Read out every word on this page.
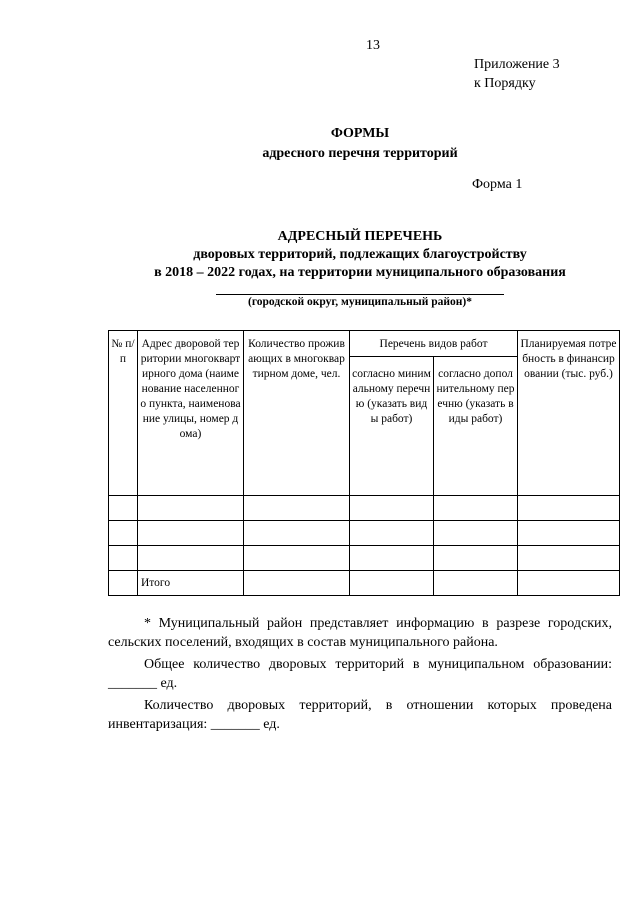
13
Приложение 3
к Порядку
ФОРМЫ
адресного перечня территорий
Форма 1
АДРЕСНЫЙ ПЕРЕЧЕНЬ
дворовых территорий, подлежащих благоустройству
в 2018 – 2022 годах, на территории муниципального образования
(городской округ, муниципальный район)*
№ п/п	Адрес дворовой территории многоквартирного дома (наименование населенного пункта, наименование улицы, номер дома)	Количество проживающих в многоквартирном доме, чел.	Перечень видов работ		Планируемая потребность в финансировании (тыс. руб.)
			согласно минимальному перечню (указать виды работ)	согласно дополнительному перечню (указать виды работ)	

	Итого				

* Муниципальный район представляет информацию в разрезе городских, сельских поселений, входящих в состав муниципального района.

Общее количество дворовых территорий в муниципальном образовании: _______ ед.

Количество дворовых территорий, в отношении которых проведена инвентаризация: _______ ед.
